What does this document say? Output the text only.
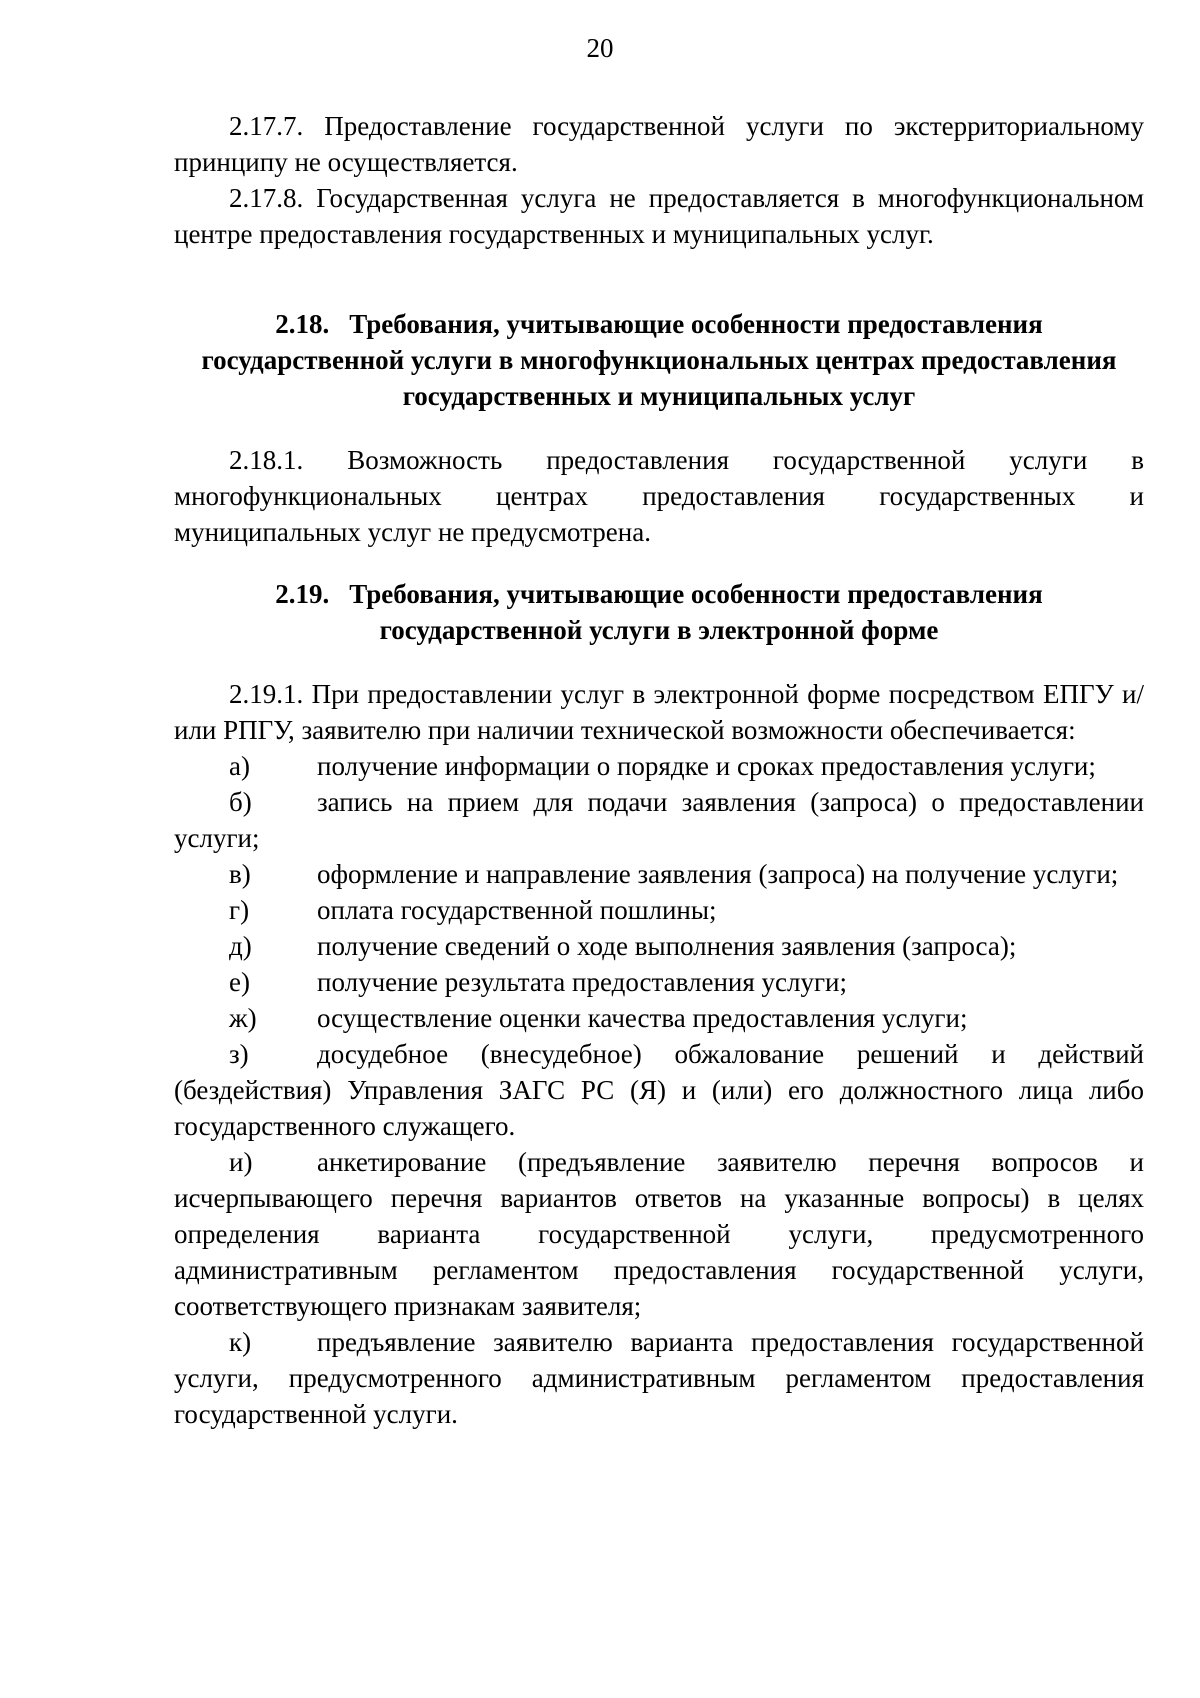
20

2.17.7. Предоставление государственной услуги по экстерриториальному принципу не осуществляется.

2.17.8. Государственная услуга не предоставляется в многофункциональном центре предоставления государственных и муниципальных услуг.

2.18. Требования, учитывающие особенности предоставления
государственной услуги в многофункциональных центрах предоставления
государственных и муниципальных услуг

2.18.1. Возможность предоставления государственной услуги в многофункциональных центрах предоставления государственных и муниципальных услуг не предусмотрена.

2.19. Требования, учитывающие особенности предоставления
государственной услуги в электронной форме

2.19.1. При предоставлении услуг в электронной форме посредством ЕПГУ и/или РПГУ, заявителю при наличии технической возможности обеспечивается:

а)	получение информации о порядке и сроках предоставления услуги;

б)	запись на прием для подачи заявления (запроса) о предоставлении услуги;

в)	оформление и направление заявления (запроса) на получение услуги;

г)	оплата государственной пошлины;

д)	получение сведений о ходе выполнения заявления (запроса);

е)	получение результата предоставления услуги;

ж)	осуществление оценки качества предоставления услуги;

з)	досудебное (внесудебное) обжалование решений и действий (бездействия) Управления ЗАГС РС (Я) и (или) его должностного лица либо государственного служащего.

и)	анкетирование (предъявление заявителю перечня вопросов и исчерпывающего перечня вариантов ответов на указанные вопросы) в целях определения варианта государственной услуги, предусмотренного административным регламентом предоставления государственной услуги, соответствующего признакам заявителя;

к)	предъявление заявителю варианта предоставления государственной услуги, предусмотренного административным регламентом предоставления государственной услуги.
